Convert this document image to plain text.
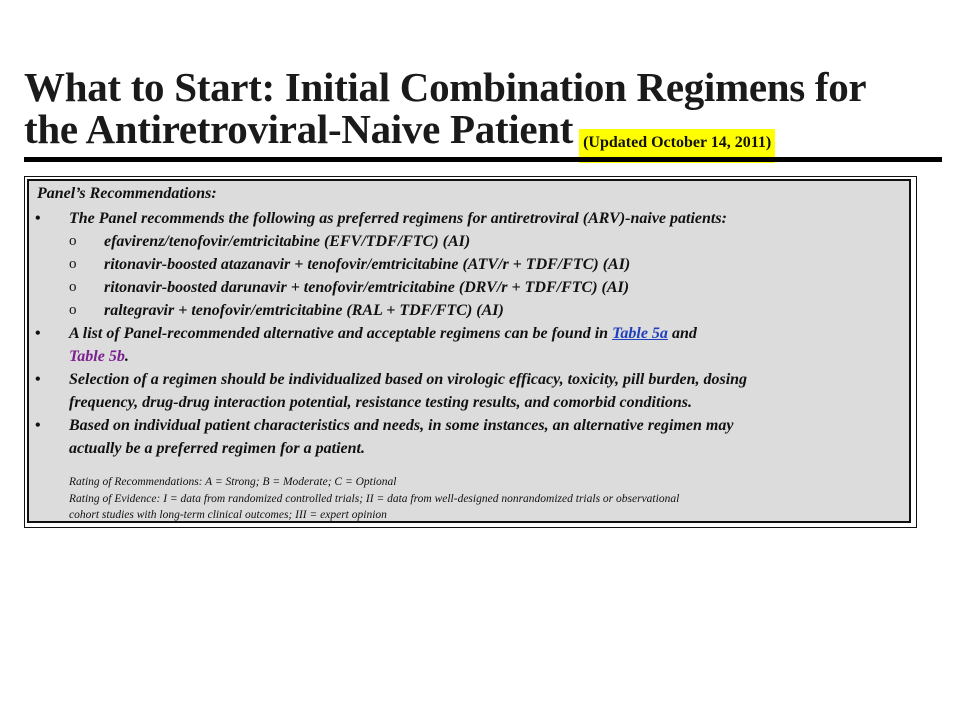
What to Start: Initial Combination Regimens for
the Antiretroviral-Naive Patient (Updated October 14, 2011)
Panel’s Recommendations:
• The Panel recommends the following as preferred regimens for antiretroviral (ARV)-naive patients:
o efavirenz/tenofovir/emtricitabine (EFV/TDF/FTC) (AI)
o ritonavir-boosted atazanavir + tenofovir/emtricitabine (ATV/r + TDF/FTC) (AI)
o ritonavir-boosted darunavir + tenofovir/emtricitabine (DRV/r + TDF/FTC) (AI)
o raltegravir + tenofovir/emtricitabine (RAL + TDF/FTC) (AI)
• A list of Panel-recommended alternative and acceptable regimens can be found in Table 5a and
Table 5b.
• Selection of a regimen should be individualized based on virologic efficacy, toxicity, pill burden, dosing
frequency, drug-drug interaction potential, resistance testing results, and comorbid conditions.
• Based on individual patient characteristics and needs, in some instances, an alternative regimen may
actually be a preferred regimen for a patient.
Rating of Recommendations: A = Strong; B = Moderate; C = Optional
Rating of Evidence: I = data from randomized controlled trials; II = data from well-designed nonrandomized trials or observational
cohort studies with long-term clinical outcomes; III = expert opinion
